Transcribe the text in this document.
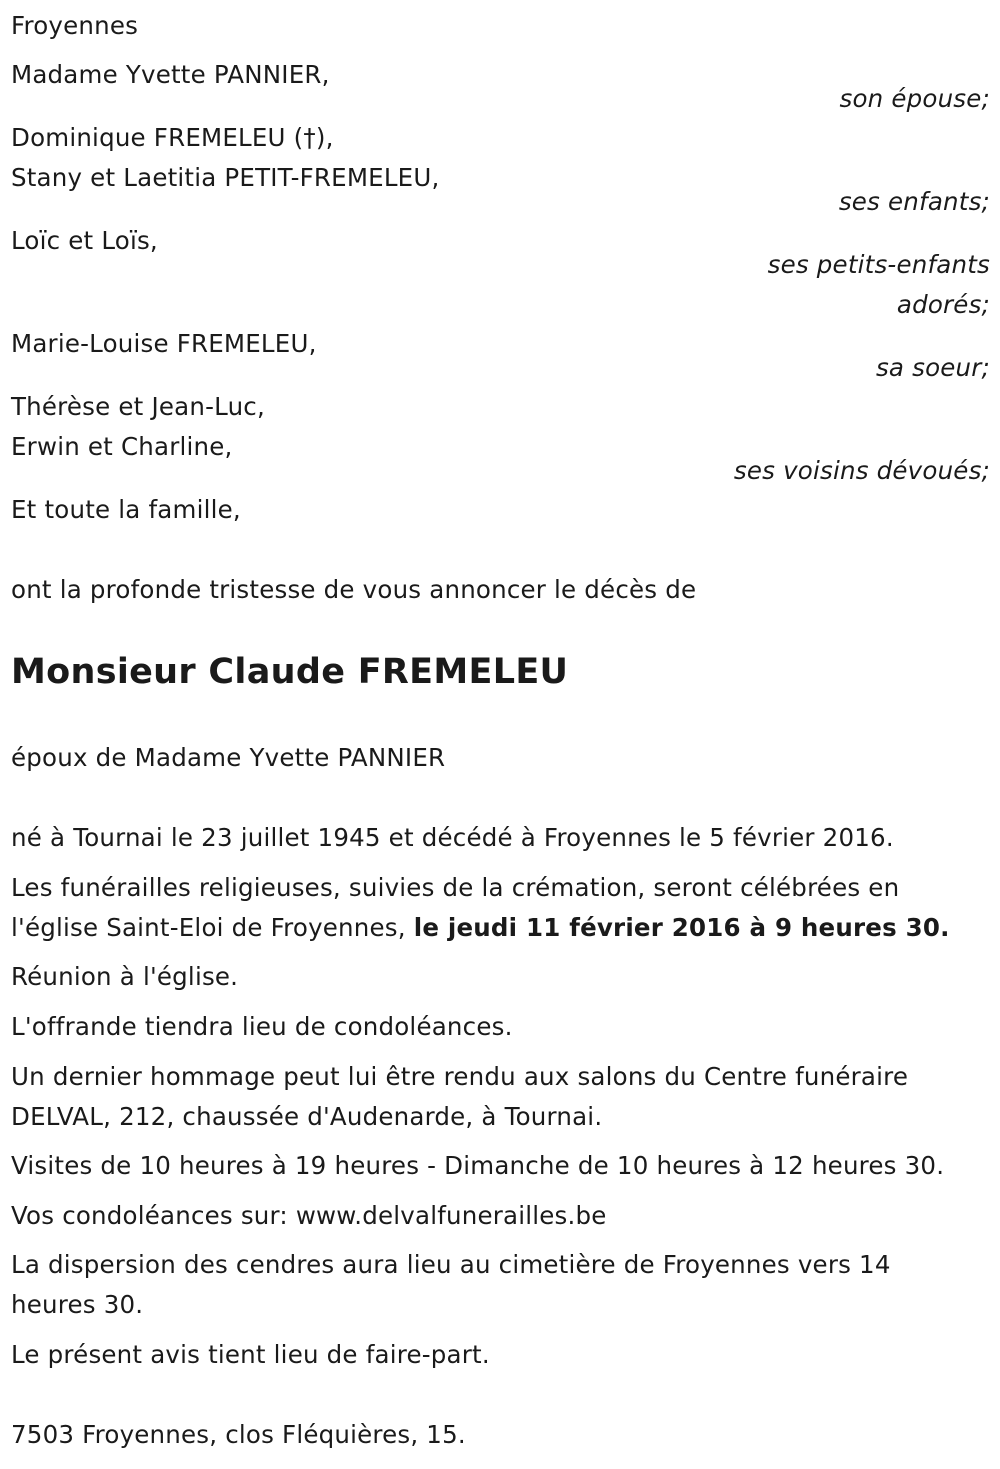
Froyennes
Madame Yvette PANNIER,
son épouse;
Dominique FREMELEU (†),
Stany et Laetitia PETIT-FREMELEU,
ses enfants;
Loïc et Loïs,
ses petits-enfants
adorés;
Marie-Louise FREMELEU,
sa soeur;
Thérèse et Jean-Luc,
Erwin et Charline,
ses voisins dévoués;
Et toute la famille,
ont la profonde tristesse de vous annoncer le décès de
Monsieur Claude FREMELEU
époux de Madame Yvette PANNIER
né à Tournai le 23 juillet 1945 et décédé à Froyennes le 5 février 2016.
Les funérailles religieuses, suivies de la crémation, seront célébrées en
l'église Saint-Eloi de Froyennes, le jeudi 11 février 2016 à 9 heures 30.
Réunion à l'église.
L'offrande tiendra lieu de condoléances.
Un dernier hommage peut lui être rendu aux salons du Centre funéraire
DELVAL, 212, chaussée d'Audenarde, à Tournai.
Visites de 10 heures à 19 heures - Dimanche de 10 heures à 12 heures 30.
Vos condoléances sur: www.delvalfunerailles.be
La dispersion des cendres aura lieu au cimetière de Froyennes vers 14
heures 30.
Le présent avis tient lieu de faire-part.
7503 Froyennes, clos Fléquières, 15.
